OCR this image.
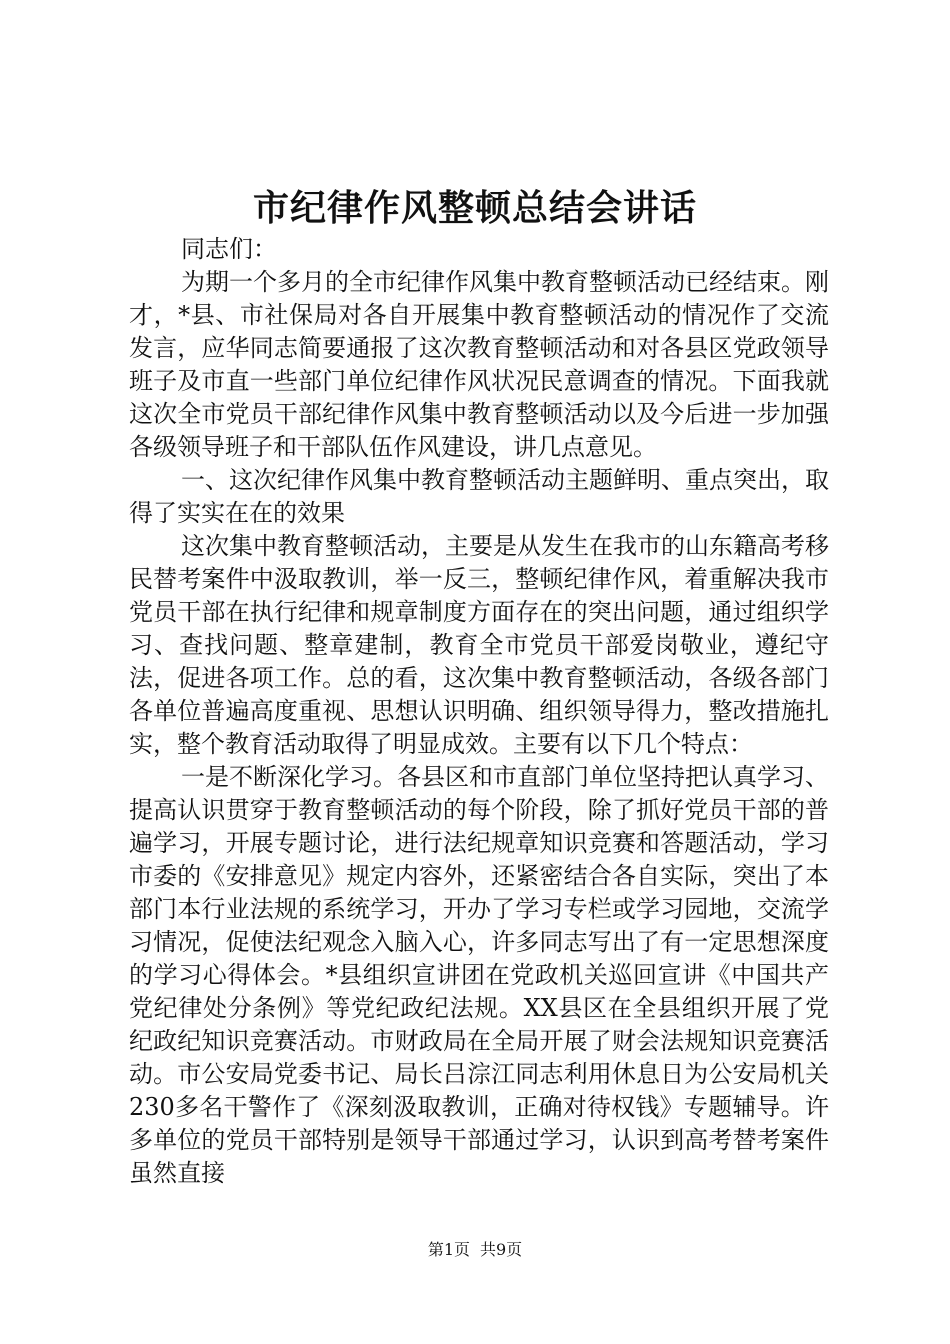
市纪律作风整顿总结会讲话

同志们：

为期一个多月的全市纪律作风集中教育整顿活动已经结束。刚才，*县、市社保局对各自开展集中教育整顿活动的情况作了交流发言，应华同志简要通报了这次教育整顿活动和对各县区党政领导班子及市直一些部门单位纪律作风状况民意调查的情况。下面我就这次全市党员干部纪律作风集中教育整顿活动以及今后进一步加强各级领导班子和干部队伍作风建设，讲几点意见。

一、这次纪律作风集中教育整顿活动主题鲜明、重点突出，取得了实实在在的效果

这次集中教育整顿活动，主要是从发生在我市的山东籍高考移民替考案件中汲取教训，举一反三，整顿纪律作风，着重解决我市党员干部在执行纪律和规章制度方面存在的突出问题，通过组织学习、查找问题、整章建制，教育全市党员干部爱岗敬业，遵纪守法，促进各项工作。总的看，这次集中教育整顿活动，各级各部门各单位普遍高度重视、思想认识明确、组织领导得力，整改措施扎实，整个教育活动取得了明显成效。主要有以下几个特点：

一是不断深化学习。各县区和市直部门单位坚持把认真学习、提高认识贯穿于教育整顿活动的每个阶段，除了抓好党员干部的普遍学习，开展专题讨论，进行法纪规章知识竞赛和答题活动，学习市委的《安排意见》规定内容外，还紧密结合各自实际，突出了本部门本行业法规的系统学习，开办了学习专栏或学习园地，交流学习情况，促使法纪观念入脑入心，许多同志写出了有一定思想深度的学习心得体会。*县组织宣讲团在党政机关巡回宣讲《中国共产党纪律处分条例》等党纪政纪法规。XX县区在全县组织开展了党纪政纪知识竞赛活动。市财政局在全局开展了财会法规知识竞赛活动。市公安局党委书记、局长吕淙江同志利用休息日为公安局机关230多名干警作了《深刻汲取教训，正确对待权钱》专题辅导。许多单位的党员干部特别是领导干部通过学习，认识到高考替考案件虽然直接

第1页 共9页
